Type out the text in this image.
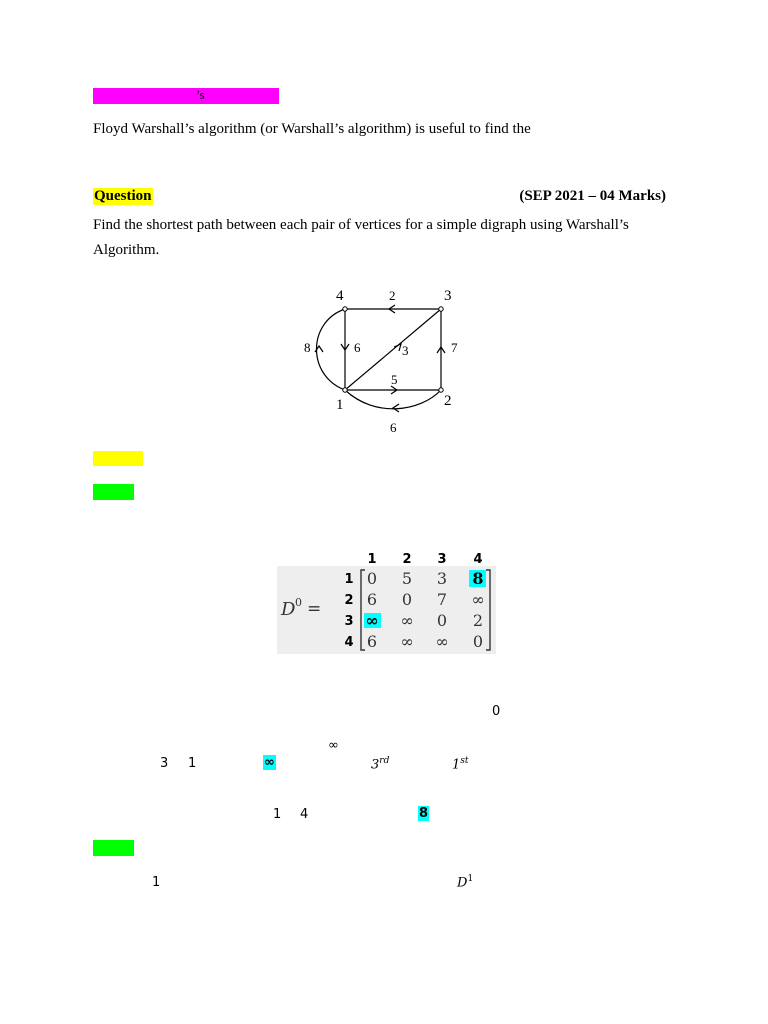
’s
Floyd Warshall’s algorithm (or Warshall’s algorithm) is useful to find the
Question	(SEP 2021 – 04 Marks)
Find the shortest path between each pair of vertices for a simple digraph using Warshall’s Algorithm.
4	3
1	2
2
6
8	3	7
5
6
1 2 3 4
1
2
3
4
D 0 =
0 5 3 8
6 0 7 ∞
∞ ∞ 0 2
6 ∞ ∞ 0
0
∞
3 1	∞	3rd	1st
1 4	8
1	$D^1$
